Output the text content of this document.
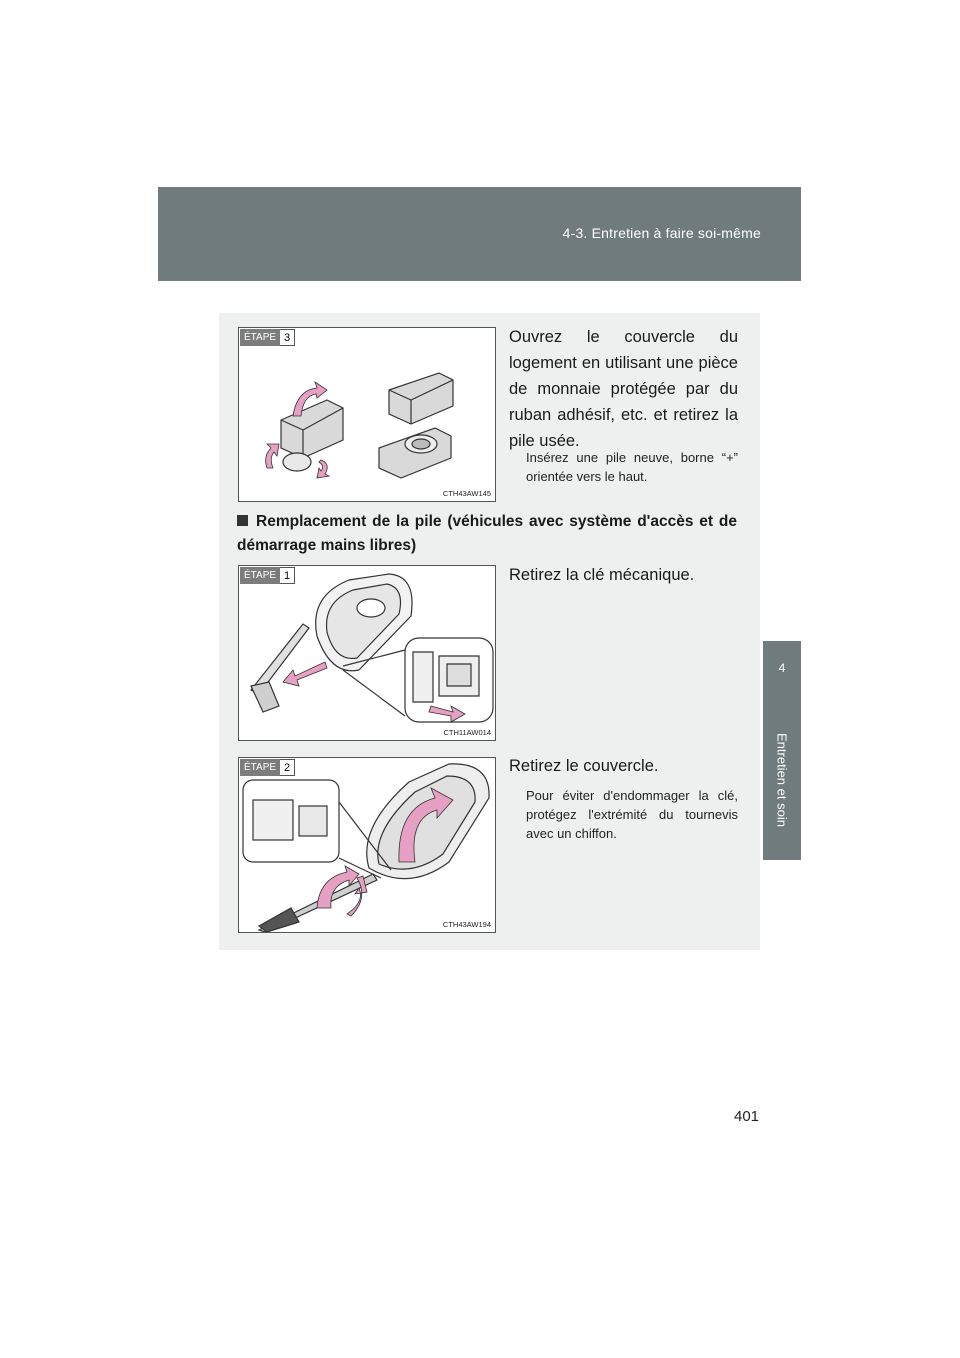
4-3. Entretien à faire soi-même
4
Entretien et soin
ÉTAPE 3
CTH43AW145
Ouvrez le couvercle du logement en utilisant une pièce de monnaie protégée par du ruban adhésif, etc. et retirez la pile usée.
Insérez une pile neuve, borne “+” orientée vers le haut.
Remplacement de la pile (véhicules avec système d'accès et de démarrage mains libres)
ÉTAPE 1
CTH11AW014
Retirez la clé mécanique.
ÉTAPE 2
CTH43AW194
Retirez le couvercle.
Pour éviter d'endommager la clé, protégez l'extrémité du tournevis avec un chiffon.
401
